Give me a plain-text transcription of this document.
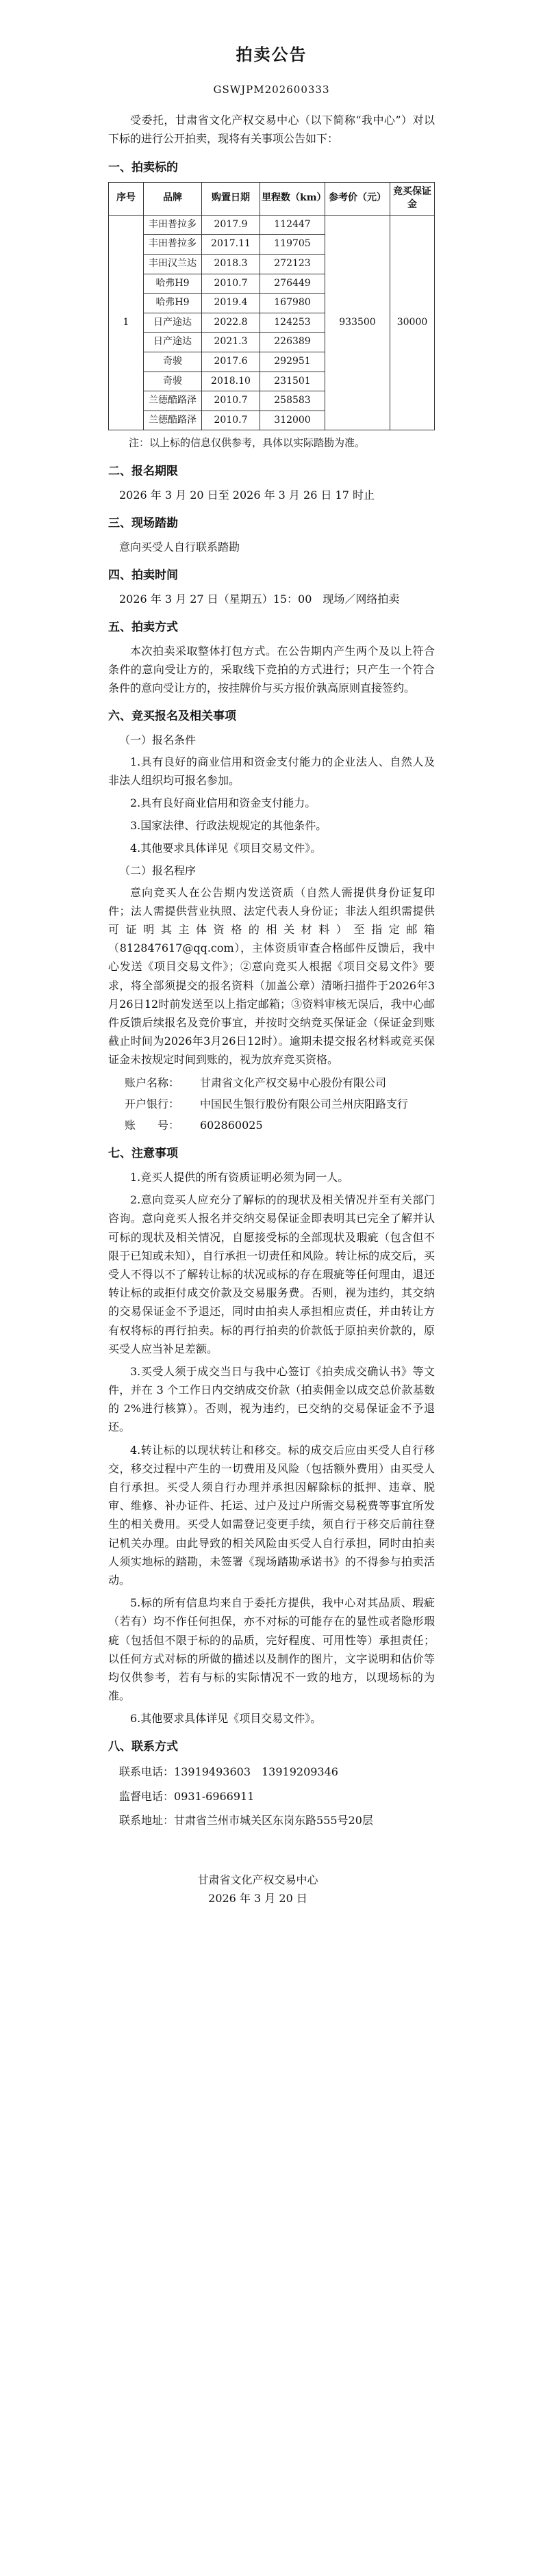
拍卖公告
GSWJPM202600333

受委托，甘肃省文化产权交易中心（以下简称“我中心”）对以下标的进行公开拍卖，现将有关事项公告如下：

一、拍卖标的
序号	品牌	购置日期	里程数（km）	参考价（元）	竞买保证金
1	丰田普拉多	2017.9	112447	933500	30000
	丰田普拉多	2017.11	119705		
	丰田汉兰达	2018.3	272123		
	哈弗H9	2010.7	276449		
	哈弗H9	2019.4	167980		
	日产途达	2022.8	124253		
	日产途达	2021.3	226389		
	奇骏	2017.6	292951		
	奇骏	2018.10	231501		
	兰德酷路泽	2010.7	258583		
	兰德酷路泽	2010.7	312000		
注：以上标的信息仅供参考，具体以实际踏勘为准。
二、报名期限
2026 年 3 月 20 日至 2026 年 3 月 26 日 17 时止
三、现场踏勘
意向买受人自行联系踏勘
四、拍卖时间
2026 年 3 月 27 日（星期五）15：00　现场／网络拍卖
五、拍卖方式

本次拍卖采取整体打包方式。在公告期内产生两个及以上符合条件的意向受让方的，采取线下竞拍的方式进行；只产生一个符合条件的意向受让方的，按挂牌价与买方报价孰高原则直接签约。

六、竞买报名及相关事项
（一）报名条件

1.具有良好的商业信用和资金支付能力的企业法人、自然人及非法人组织均可报名参加。

2.具有良好商业信用和资金支付能力。

3.国家法律、行政法规规定的其他条件。

4.其他要求具体详见《项目交易文件》。

（二）报名程序

意向竞买人在公告期内发送资质（自然人需提供身份证复印件；法人需提供营业执照、法定代表人身份证；非法人组织需提供可证明其主体资格的相关材料）至指定邮箱（812847617@qq.com），主体资质审查合格邮件反馈后，我中心发送《项目交易文件》；②意向竞买人根据《项目交易文件》要求，将全部须提交的报名资料（加盖公章）清晰扫描件于2026年3月26日12时前发送至以上指定邮箱；③资料审核无误后，我中心邮件反馈后续报名及竞价事宜，并按时交纳竞买保证金（保证金到账截止时间为2026年3月26日12时）。逾期未提交报名材料或竞买保证金未按规定时间到账的，视为放弃竞买资格。

账户名称：	甘肃省文化产权交易中心股份有限公司
开户银行：	中国民生银行股份有限公司兰州庆阳路支行
账　　号：	602860025
七、注意事项

1.竞买人提供的所有资质证明必须为同一人。

2.意向竞买人应充分了解标的的现状及相关情况并至有关部门咨询。意向竞买人报名并交纳交易保证金即表明其已完全了解并认可标的现状及相关情况，自愿接受标的全部现状及瑕疵（包含但不限于已知或未知），自行承担一切责任和风险。转让标的成交后，买受人不得以不了解转让标的状况或标的存在瑕疵等任何理由，退还转让标的或拒付成交价款及交易服务费。否则，视为违约，其交纳的交易保证金不予退还，同时由拍卖人承担相应责任，并由转让方有权将标的再行拍卖。标的再行拍卖的价款低于原拍卖价款的，原买受人应当补足差额。

3.买受人须于成交当日与我中心签订《拍卖成交确认书》等文件，并在 3 个工作日内交纳成交价款（拍卖佣金以成交总价款基数的 2%进行核算）。否则，视为违约，已交纳的交易保证金不予退还。

4.转让标的以现状转让和移交。标的成交后应由买受人自行移交，移交过程中产生的一切费用及风险（包括额外费用）由买受人自行承担。买受人须自行办理并承担因解除标的抵押、违章、脱审、维修、补办证件、托运、过户及过户所需交易税费等事宜所发生的相关费用。买受人如需登记变更手续，须自行于移交后前往登记机关办理。由此导致的相关风险由买受人自行承担，同时由拍卖人须实地标的踏勘，未签署《现场踏勘承诺书》的不得参与拍卖活动。

5.标的所有信息均来自于委托方提供，我中心对其品质、瑕疵（若有）均不作任何担保，亦不对标的可能存在的显性或者隐形瑕疵（包括但不限于标的的品质，完好程度、可用性等）承担责任；以任何方式对标的所做的描述以及制作的图片，文字说明和估价等均仅供参考，若有与标的实际情况不一致的地方，以现场标的为准。

6.其他要求具体详见《项目交易文件》。

八、联系方式
联系电话：13919493603　13919209346
监督电话：0931-6966911
联系地址：甘肃省兰州市城关区东岗东路555号20层
甘肃省文化产权交易中心
2026 年 3 月 20 日
